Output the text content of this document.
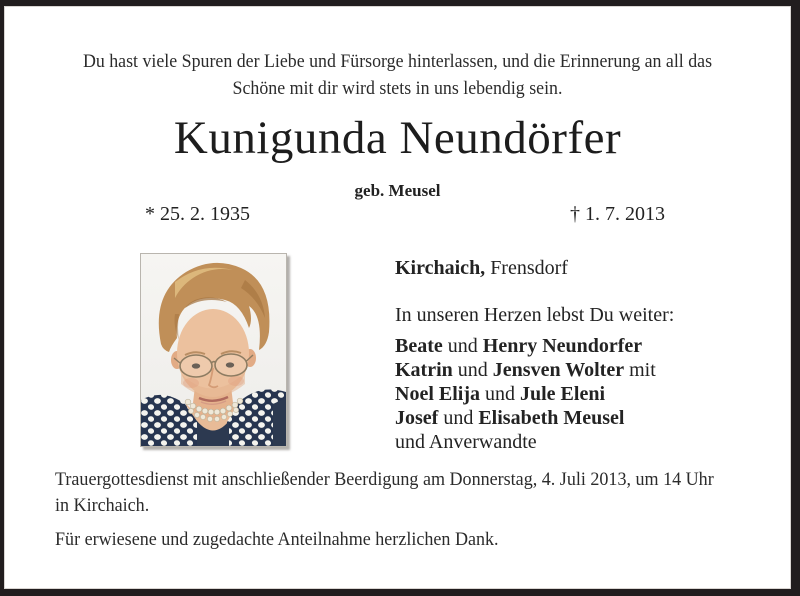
Du hast viele Spuren der Liebe und Fürsorge hinterlassen, und die Erinnerung an all das
Schöne mit dir wird stets in uns lebendig sein.
Kunigunda Neundörfer
geb. Meusel
* 25. 2. 1935	† 1. 7. 2013
Kirchaich, Frensdorf
In unseren Herzen lebst Du weiter:
Beate und Henry Neundorfer
Katrin und Jensven Wolter mit
Noel Elija und Jule Eleni
Josef und Elisabeth Meusel
und Anverwandte
Trauergottesdienst mit anschließender Beerdigung am Donnerstag, 4. Juli 2013, um 14 Uhr
in Kirchaich.
Für erwiesene und zugedachte Anteilnahme herzlichen Dank.
